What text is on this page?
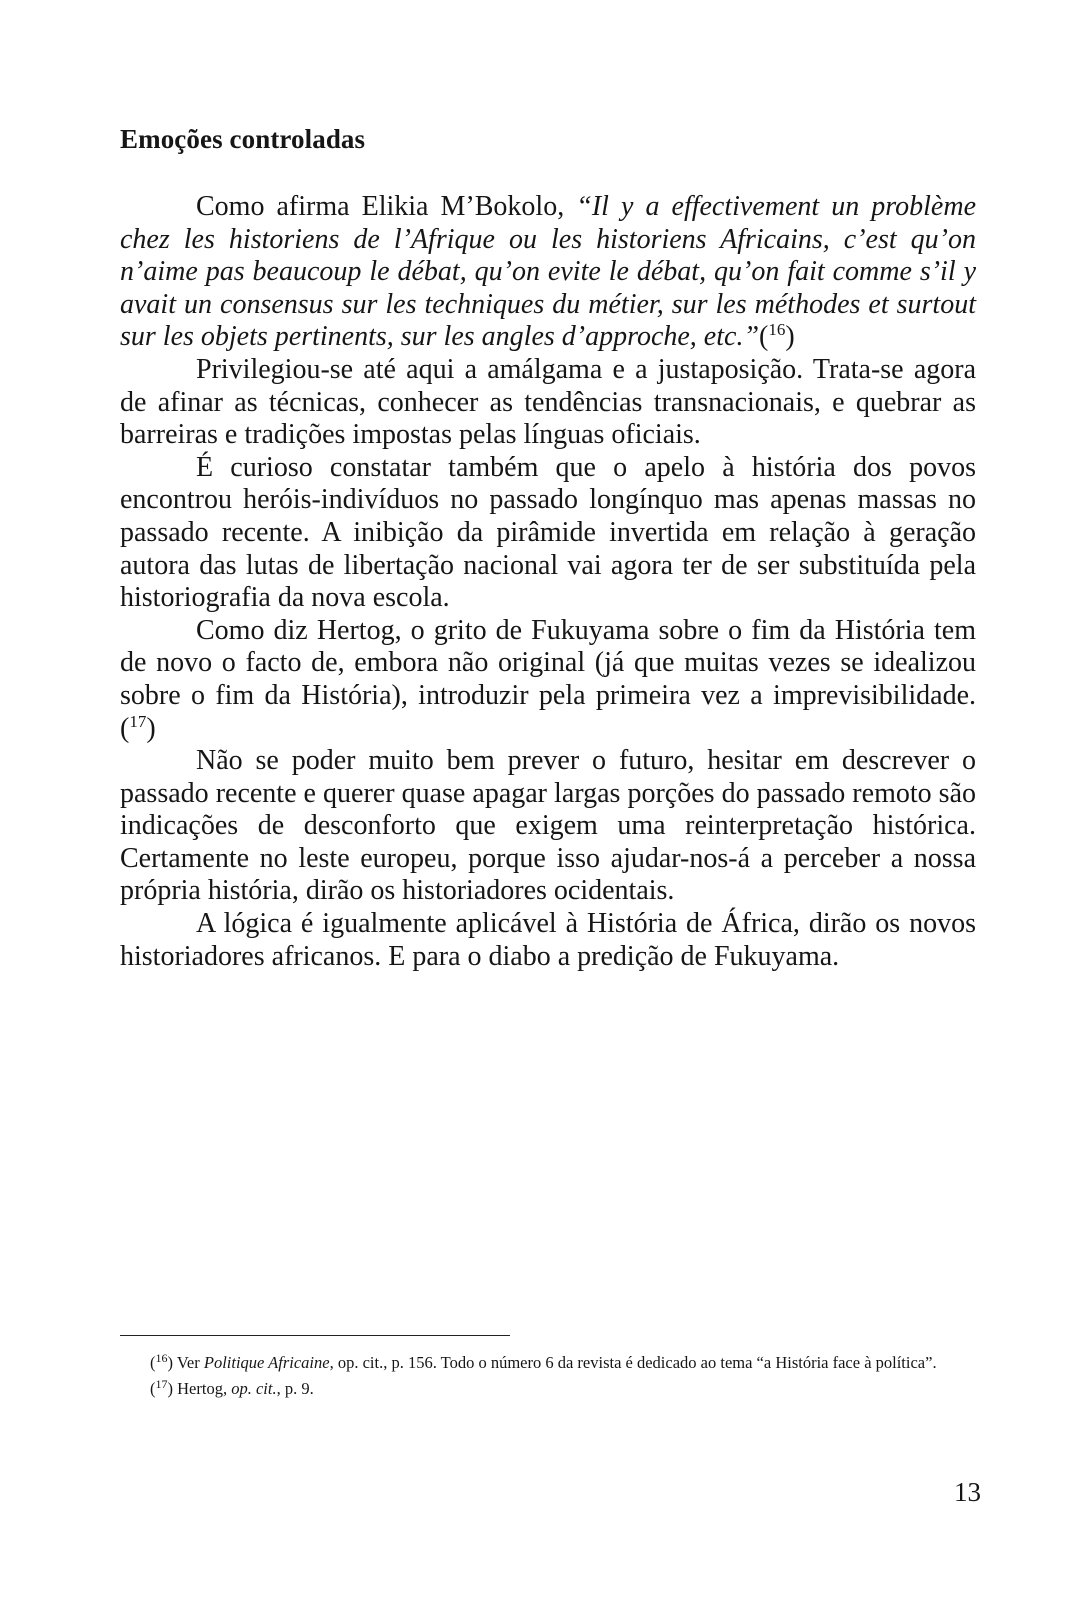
Emoções controladas

Como afirma Elikia M’Bokolo, “Il y a effectivement un problème chez les historiens de l’Afrique ou les historiens Africains, c’est qu’on n’aime pas beaucoup le débat, qu’on evite le débat, qu’on fait comme s’il y avait un consensus sur les techniques du métier, sur les méthodes et surtout sur les objets pertinents, sur les angles d’approche, etc.”($^{16}$)

Privilegiou-se até aqui a amálgama e a justaposição. Trata-se agora de afinar as técnicas, conhecer as tendências transnacionais, e quebrar as barreiras e tradições impostas pelas línguas oficiais.

É curioso constatar também que o apelo à história dos povos encontrou heróis-indivíduos no passado longínquo mas apenas massas no passado recente. A inibição da pirâmide invertida em relação à geração autora das lutas de libertação nacional vai agora ter de ser substituída pela historiografia da nova escola.

Como diz Hertog, o grito de Fukuyama sobre o fim da História tem de novo o facto de, embora não original (já que muitas vezes se idealizou sobre o fim da História), introduzir pela primeira vez a imprevisibilidade.($^{17}$)

Não se poder muito bem prever o futuro, hesitar em descrever o passado recente e querer quase apagar largas porções do passado remoto são indicações de desconforto que exigem uma reinterpretação histórica. Certamente no leste europeu, porque isso ajudar-nos-á a perceber a nossa própria história, dirão os historiadores ocidentais.

A lógica é igualmente aplicável à História de África, dirão os novos historiadores africanos. E para o diabo a predição de Fukuyama.

($^{16}$) Ver Politique Africaine, op. cit., p. 156. Todo o número 6 da revista é dedicado ao tema “a História face à política”.

($^{17}$) Hertog, op. cit., p. 9.

13
